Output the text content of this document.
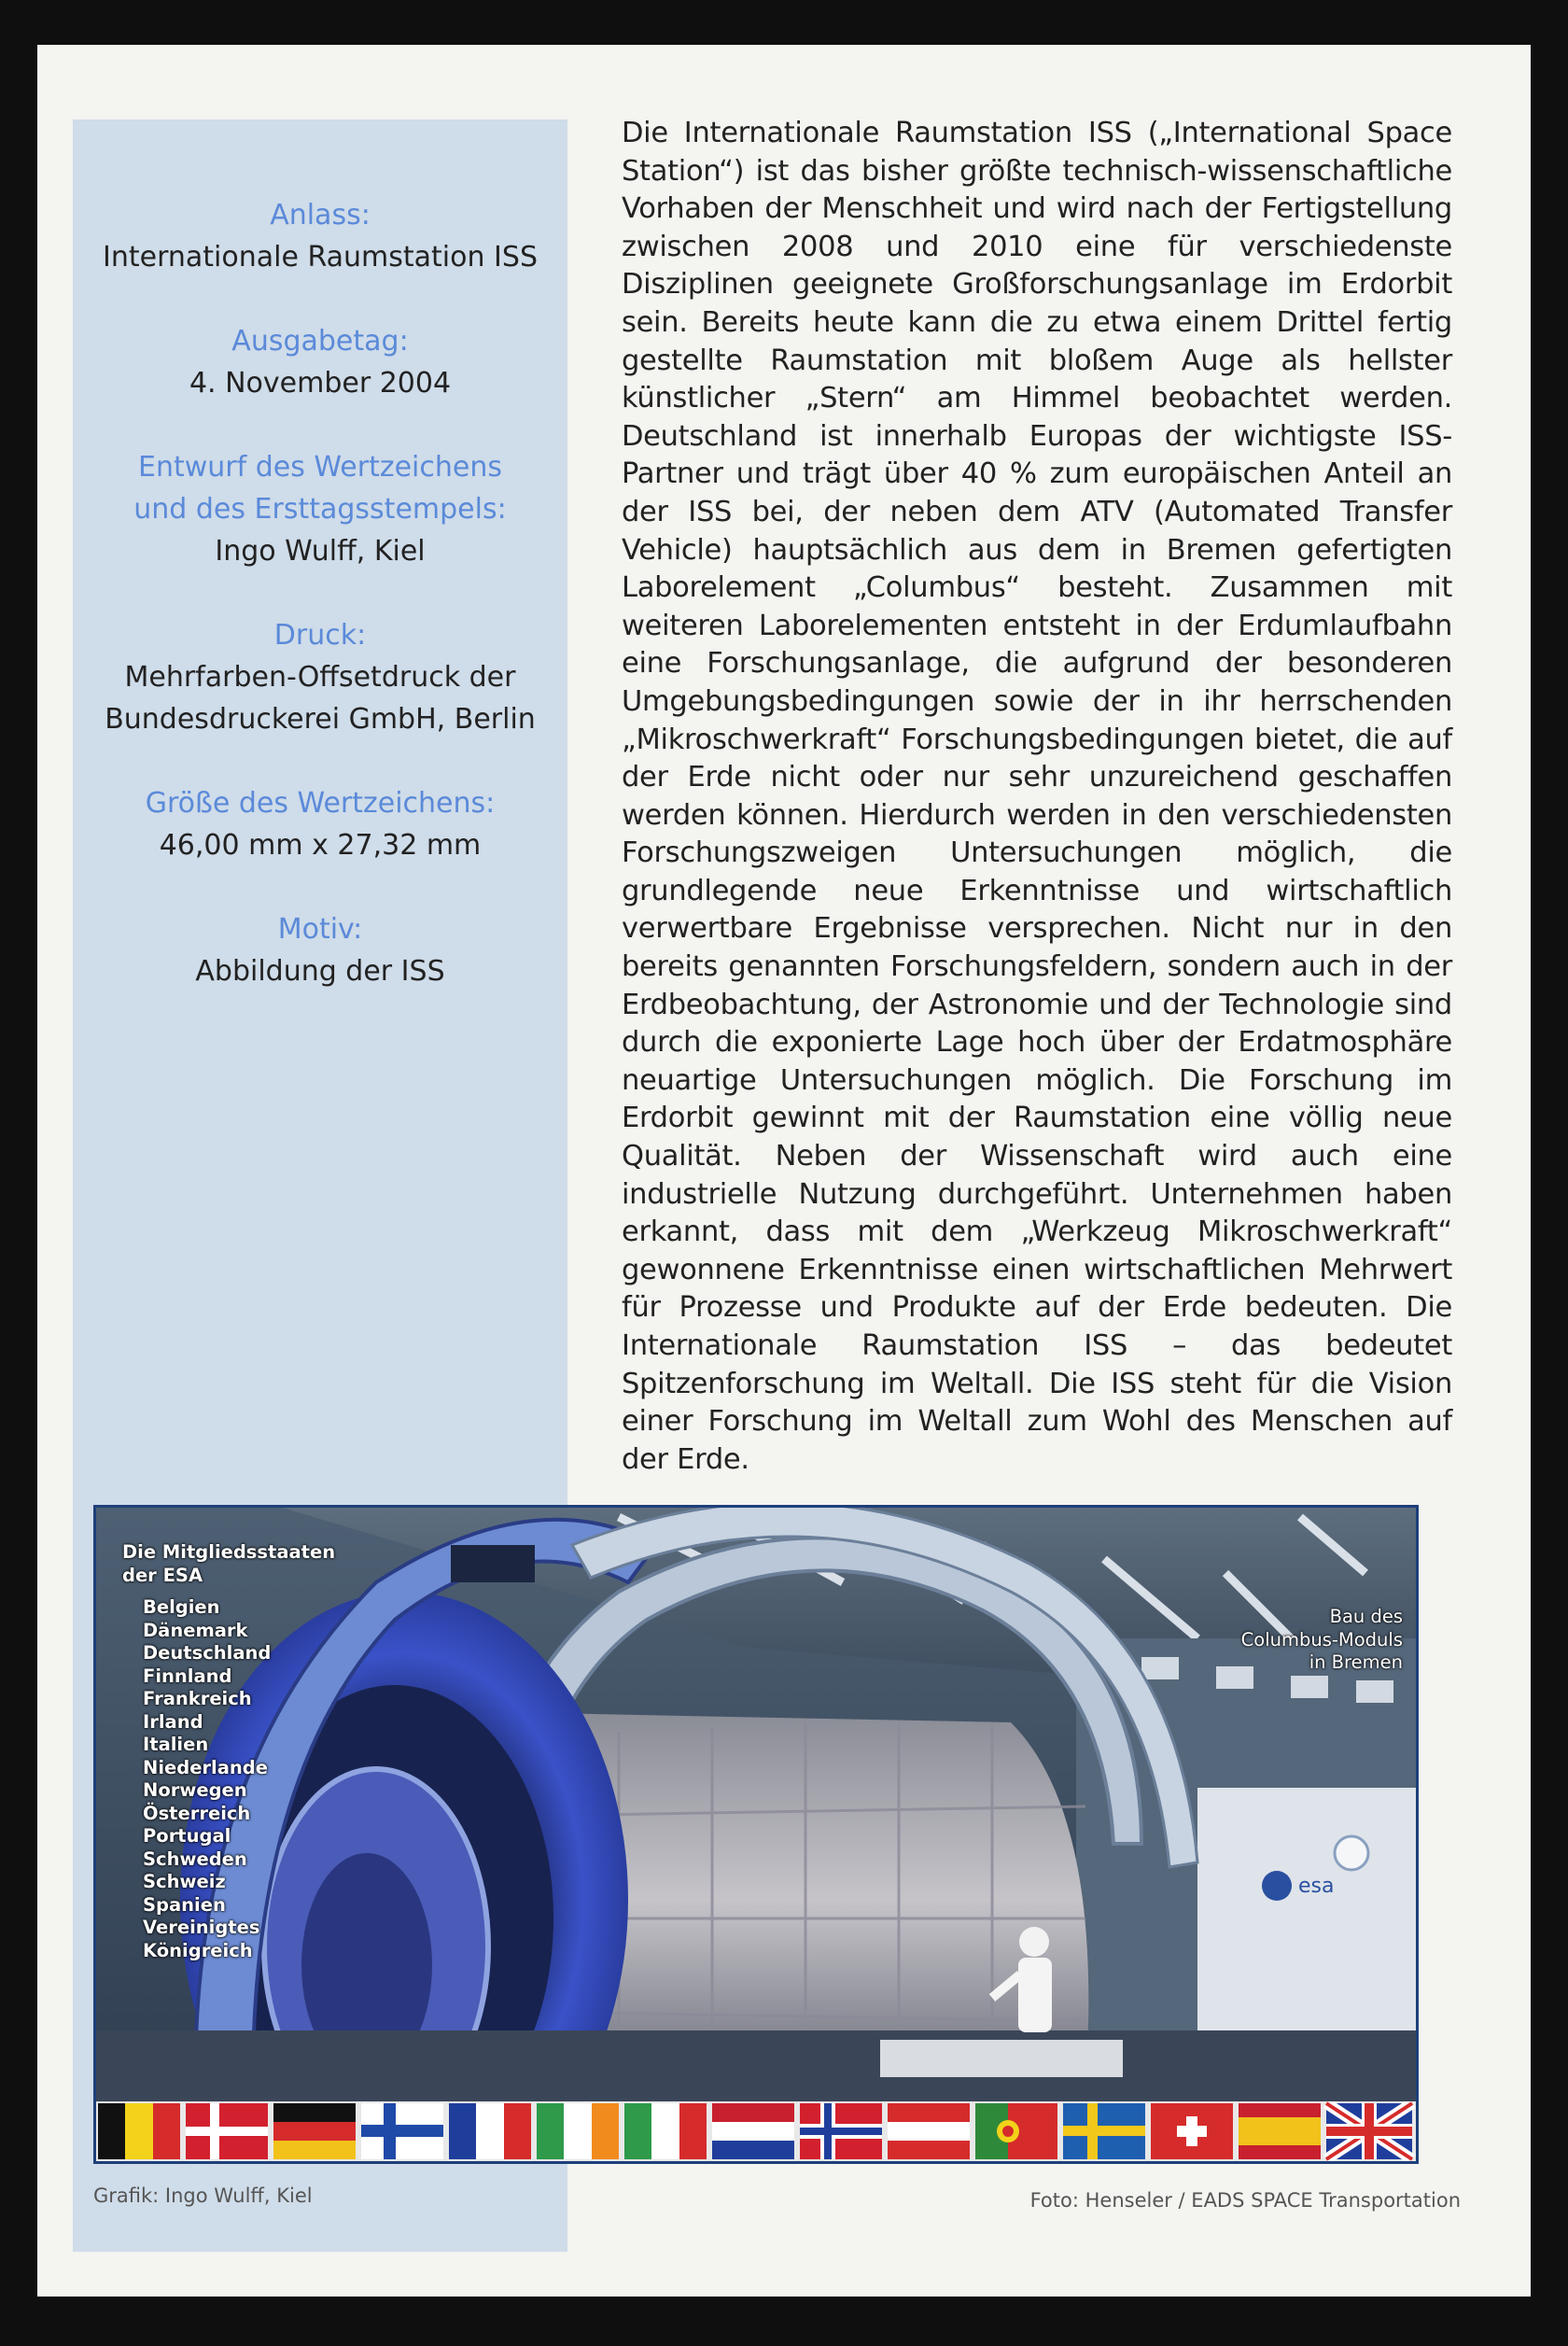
Anlass:
Internationale Raumstation ISS
Ausgabetag:
4. November 2004
Entwurf des Wertzeichens
und des Ersttagsstempels:
Ingo Wulff, Kiel
Druck:
Mehrfarben-Offsetdruck der
Bundesdruckerei GmbH, Berlin
Größe des Wertzeichens:
46,00 mm x 27,32 mm
Motiv:
Abbildung der ISS
Die Internationale Raumstation ISS („International Space Station“) ist das bisher größte technisch-wissenschaftliche Vorhaben der Menschheit und wird nach der Fertigstellung zwischen 2008 und 2010 eine für verschiedenste Disziplinen geeignete Großforschungsanlage im Erdorbit sein. Bereits heute kann die zu etwa einem Drittel fertig gestellte Raumstation mit bloßem Auge als hellster künstlicher „Stern“ am Himmel beobachtet werden. Deutschland ist innerhalb Europas der wichtigste ISS-Partner und trägt über 40 % zum europäischen Anteil an der ISS bei, der neben dem ATV (Automated Transfer Vehicle) hauptsächlich aus dem in Bremen gefertigten Laborelement „Columbus“ besteht. Zusammen mit weiteren Laborelementen entsteht in der Erdumlaufbahn eine Forschungsanlage, die aufgrund der besonderen Umgebungsbedingungen sowie der in ihr herrschenden „Mikroschwerkraft“ Forschungsbedingungen bietet, die auf der Erde nicht oder nur sehr unzureichend geschaffen werden können. Hierdurch werden in den verschiedensten Forschungszweigen Untersuchungen möglich, die grundlegende neue Erkenntnisse und wirtschaftlich verwertbare Ergebnisse versprechen. Nicht nur in den bereits genannten Forschungsfeldern, sondern auch in der Erdbeobachtung, der Astronomie und der Technologie sind durch die exponierte Lage hoch über der Erdatmosphäre neuartige Untersuchungen möglich. Die Forschung im Erdorbit gewinnt mit der Raumstation eine völlig neue Qualität. Neben der Wissenschaft wird auch eine industrielle Nutzung durchgeführt. Unternehmen haben erkannt, dass mit dem „Werkzeug Mikroschwerkraft“ gewonnene Erkenntnisse einen wirtschaftlichen Mehrwert für Prozesse und Produkte auf der Erde bedeuten. Die Internationale Raumstation ISS – das bedeutet Spitzenforschung im Weltall. Die ISS steht für die Vision einer Forschung im Weltall zum Wohl des Menschen auf der Erde.
esa
Die Mitgliedsstaaten
der ESA
Belgien
Dänemark
Deutschland
Finnland
Frankreich
Irland
Italien
Niederlande
Norwegen
Österreich
Portugal
Schweden
Schweiz
Spanien
Vereinigtes
Königreich
Bau des
Columbus-Moduls
in Bremen
Grafik: Ingo Wulff, Kiel	Foto: Henseler / EADS SPACE Transportation
